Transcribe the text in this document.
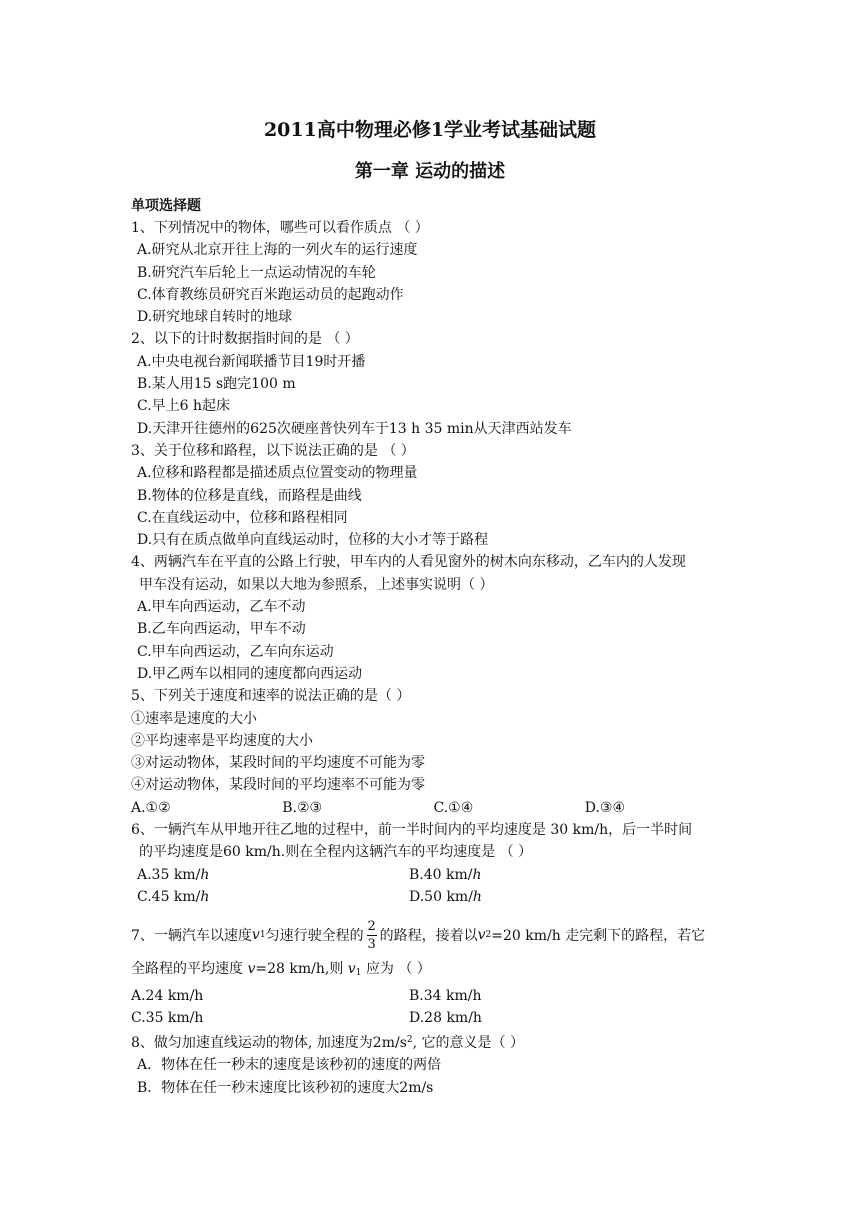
2011高中物理必修1学业考试基础试题
第一章 运动的描述
单项选择题
1、下列情况中的物体，哪些可以看作质点 （ ）
A.研究从北京开往上海的一列火车的运行速度
B.研究汽车后轮上一点运动情况的车轮
C.体育教练员研究百米跑运动员的起跑动作
D.研究地球自转时的地球
2、以下的计时数据指时间的是 （ ）
A.中央电视台新闻联播节目19时开播
B.某人用15 s跑完100 m
C.早上6 h起床
D.天津开往德州的625次硬座普快列车于13 h 35 min从天津西站发车
3、关于位移和路程，以下说法正确的是 （ ）
A.位移和路程都是描述质点位置变动的物理量
B.物体的位移是直线，而路程是曲线
C.在直线运动中，位移和路程相同
D.只有在质点做单向直线运动时，位移的大小才等于路程
4、两辆汽车在平直的公路上行驶，甲车内的人看见窗外的树木向东移动，乙车内的人发现
甲车没有运动，如果以大地为参照系，上述事实说明（ ）
A.甲车向西运动，乙车不动
B.乙车向西运动，甲车不动
C.甲车向西运动，乙车向东运动
D.甲乙两车以相同的速度都向西运动
5、下列关于速度和速率的说法正确的是（ ）
①速率是速度的大小
②平均速率是平均速度的大小
③对运动物体，某段时间的平均速度不可能为零
④对运动物体，某段时间的平均速率不可能为零
A.①②	B.②③	C.①④	D.③④
6、一辆汽车从甲地开往乙地的过程中，前一半时间内的平均速度是 30 km/h，后一半时间
的平均速度是60 km/h.则在全程内这辆汽车的平均速度是 （ ）
A.35 km/h	B.40 km/h
C.45 km/h	D.50 km/h
7、一辆汽车以速度 v 1 匀速行驶全程的 $\frac{2}{3}$ 的路程，接着以 v 2 =20 km/h 走完剩下的路程，若它
全路程的平均速度 v=28 km/h,则 $v_1$ 应为 （ ）
A.24 km/h	B.34 km/h
C.35 km/h	D.28 km/h
8、做匀加速直线运动的物体, 加速度为$2m/s^2$, 它的意义是（ ）
A．物体在任一秒末的速度是该秒初的速度的两倍
B．物体在任一秒末速度比该秒初的速度大2m/s
